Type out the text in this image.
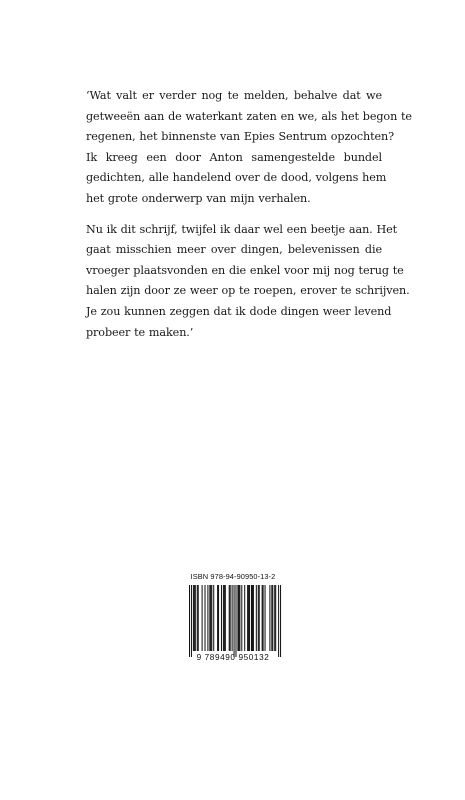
‘Wat valt er verder nog te melden, behalve dat we
getweeën aan de waterkant zaten en we, als het begon te
regenen, het binnenste van Epies Sentrum opzochten?
Ik kreeg een door Anton samengestelde bundel
gedichten, alle handelend over de dood, volgens hem
het grote onderwerp van mijn verhalen.

Nu ik dit schrijf, twijfel ik daar wel een beetje aan. Het
gaat misschien meer over dingen, belevenissen die
vroeger plaatsvonden en die enkel voor mij nog terug te
halen zijn door ze weer op te roepen, erover te schrijven.
Je zou kunnen zeggen dat ik dode dingen weer levend
probeer te maken.’

ISBN 978-94-90950-13-2
9 789490 950132
